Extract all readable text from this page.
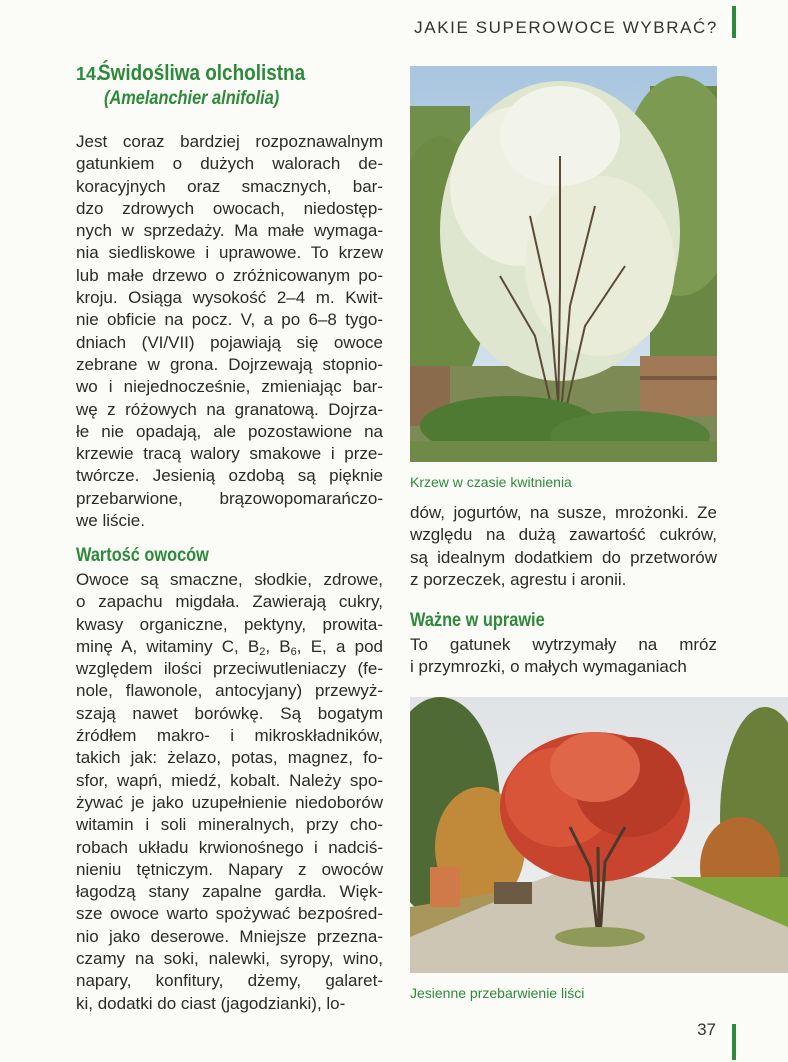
JAKIE SUPEROWOCE WYBRAĆ?
14.
Świdośliwa olcholistna
(Amelanchier alnifolia)
Jest coraz bardziej rozpoznawalnym
gatunkiem o dużych walorach de-
koracyjnych oraz smacznych, bar-
dzo zdrowych owocach, niedostęp-
nych w sprzedaży. Ma małe wymaga-
nia siedliskowe i uprawowe. To krzew
lub małe drzewo o zróżnicowanym po-
kroju. Osiąga wysokość 2–4 m. Kwit-
nie obficie na pocz. V, a po 6–8 tygo-
dniach (VI/VII) pojawiają się owoce
zebrane w grona. Dojrzewają stopnio-
wo i niejednocześnie, zmieniając bar-
wę z różowych na granatową. Dojrza-
łe nie opadają, ale pozostawione na
krzewie tracą walory smakowe i prze-
twórcze. Jesienią ozdobą są pięknie
przebarwione, brązowopomarańczo-
we liście.
Wartość owoców
Owoce są smaczne, słodkie, zdrowe,
o zapachu migdała. Zawierają cukry,
kwasy organiczne, pektyny, prowita-
minę A, witaminy C, $B_2$, $B_6$, E, a pod
względem ilości przeciwutleniaczy (fe-
nole, flawonole, antocyjany) przewyż-
szają nawet borówkę. Są bogatym
źródłem makro- i mikroskładników,
takich jak: żelazo, potas, magnez, fo-
sfor, wapń, miedź, kobalt. Należy spo-
żywać je jako uzupełnienie niedoborów
witamin i soli mineralnych, przy cho-
robach układu krwionośnego i nadciś-
nieniu tętniczym. Napary z owoców
łagodzą stany zapalne gardła. Więk-
sze owoce warto spożywać bezpośred-
nio jako deserowe. Mniejsze przezna-
czamy na soki, nalewki, syropy, wino,
napary, konfitury, dżemy, galaret-
ki, dodatki do ciast (jagodzianki), lo-
Krzew w czasie kwitnienia
dów, jogurtów, na susze, mrożonki. Ze
względu na dużą zawartość cukrów,
są idealnym dodatkiem do przetworów
z porzeczek, agrestu i aronii.
Ważne w uprawie
To gatunek wytrzymały na mróz
i przymrozki, o małych wymaganiach
Jesienne przebarwienie liści
37
